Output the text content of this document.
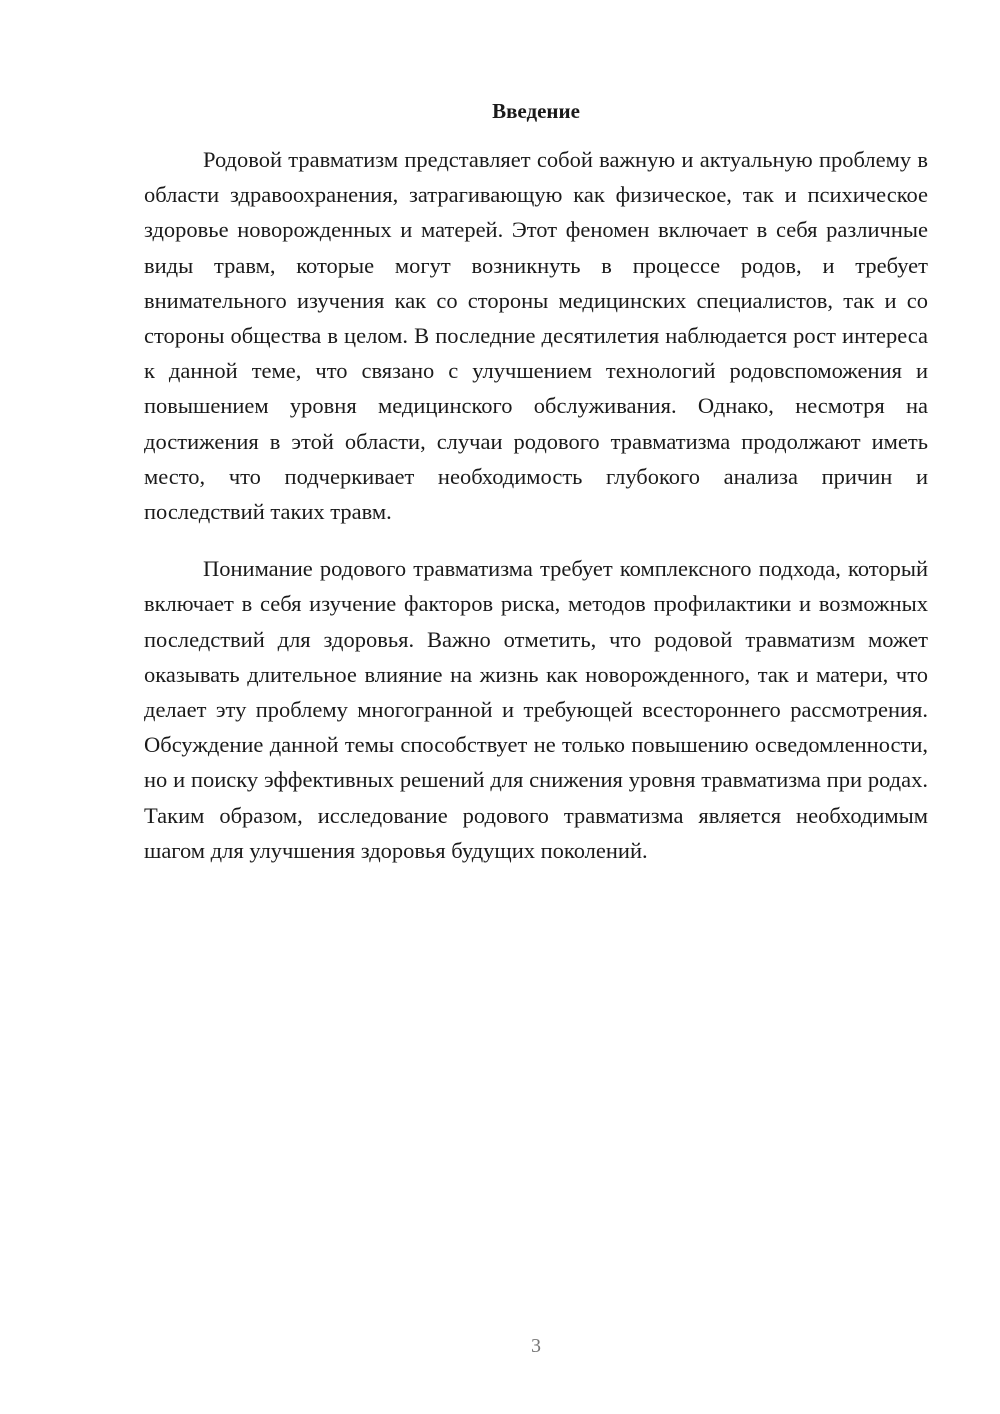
Введение

Родовой травматизм представляет собой важную и актуальную проблему в области здравоохранения, затрагивающую как физическое, так и психическое здоровье новорожденных и матерей. Этот феномен включает в себя различные виды травм, которые могут возникнуть в процессе родов, и требует внимательного изучения как со стороны медицинских специалистов, так и со стороны общества в целом. В последние десятилетия наблюдается рост интереса к данной теме, что связано с улучшением технологий родовспоможения и повышением уровня медицинского обслуживания. Однако, несмотря на достижения в этой области, случаи родового травматизма продолжают иметь место, что подчеркивает необходимость глубокого анализа причин и последствий таких травм.

Понимание родового травматизма требует комплексного подхода, который включает в себя изучение факторов риска, методов профилактики и возможных последствий для здоровья. Важно отметить, что родовой травматизм может оказывать длительное влияние на жизнь как новорожденного, так и матери, что делает эту проблему многогранной и требующей всестороннего рассмотрения. Обсуждение данной темы способствует не только повышению осведомленности, но и поиску эффективных решений для снижения уровня травматизма при родах. Таким образом, исследование родового травматизма является необходимым шагом для улучшения здоровья будущих поколений.

3
